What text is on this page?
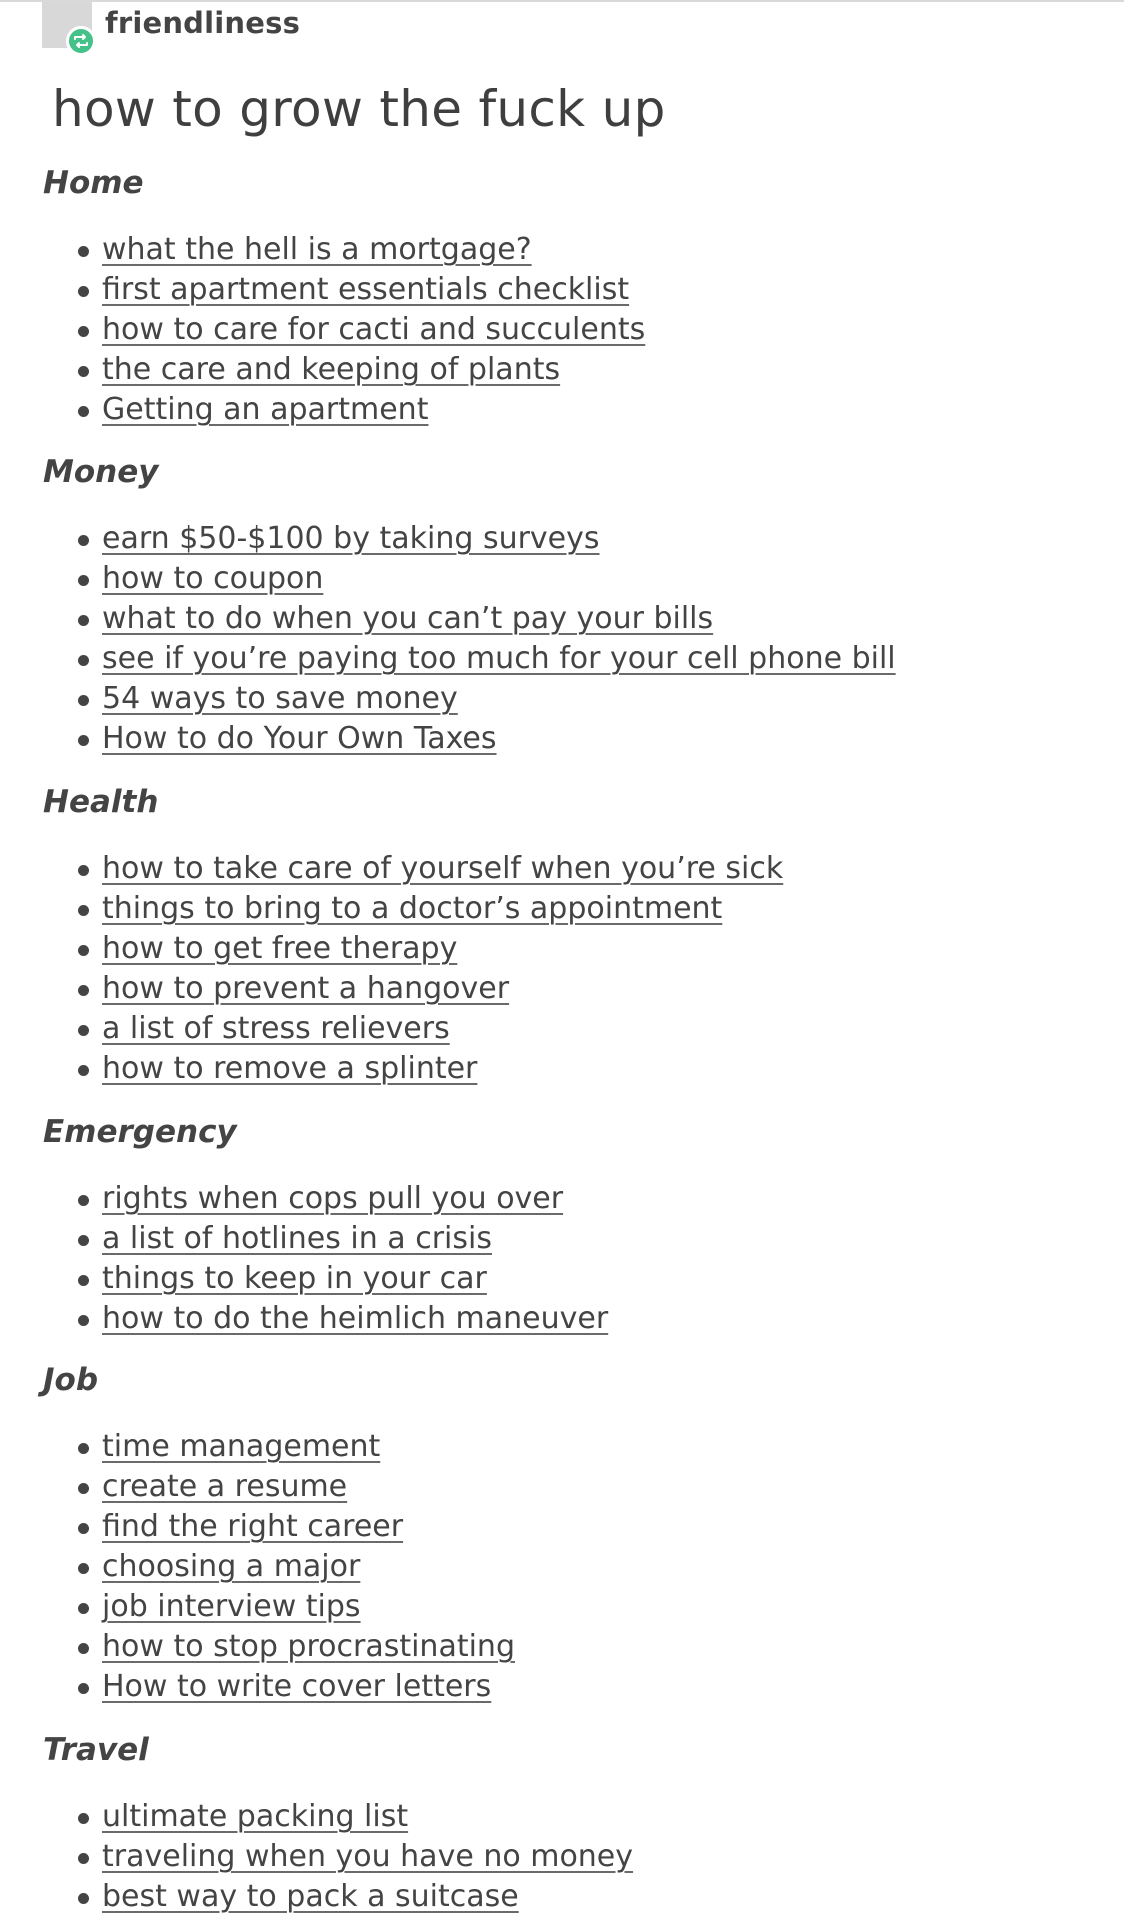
friendliness
how to grow the fuck up
Home
what the hell is a mortgage?
first apartment essentials checklist
how to care for cacti and succulents
the care and keeping of plants
Getting an apartment
Money
earn $50-$100 by taking surveys
how to coupon
what to do when you can’t pay your bills
see if you’re paying too much for your cell phone bill
54 ways to save money
How to do Your Own Taxes
Health
how to take care of yourself when you’re sick
things to bring to a doctor’s appointment
how to get free therapy
how to prevent a hangover
a list of stress relievers
how to remove a splinter
Emergency
rights when cops pull you over
a list of hotlines in a crisis
things to keep in your car
how to do the heimlich maneuver
Job
time management
create a resume
find the right career
choosing a major
job interview tips
how to stop procrastinating
How to write cover letters
Travel
ultimate packing list
traveling when you have no money
best way to pack a suitcase
